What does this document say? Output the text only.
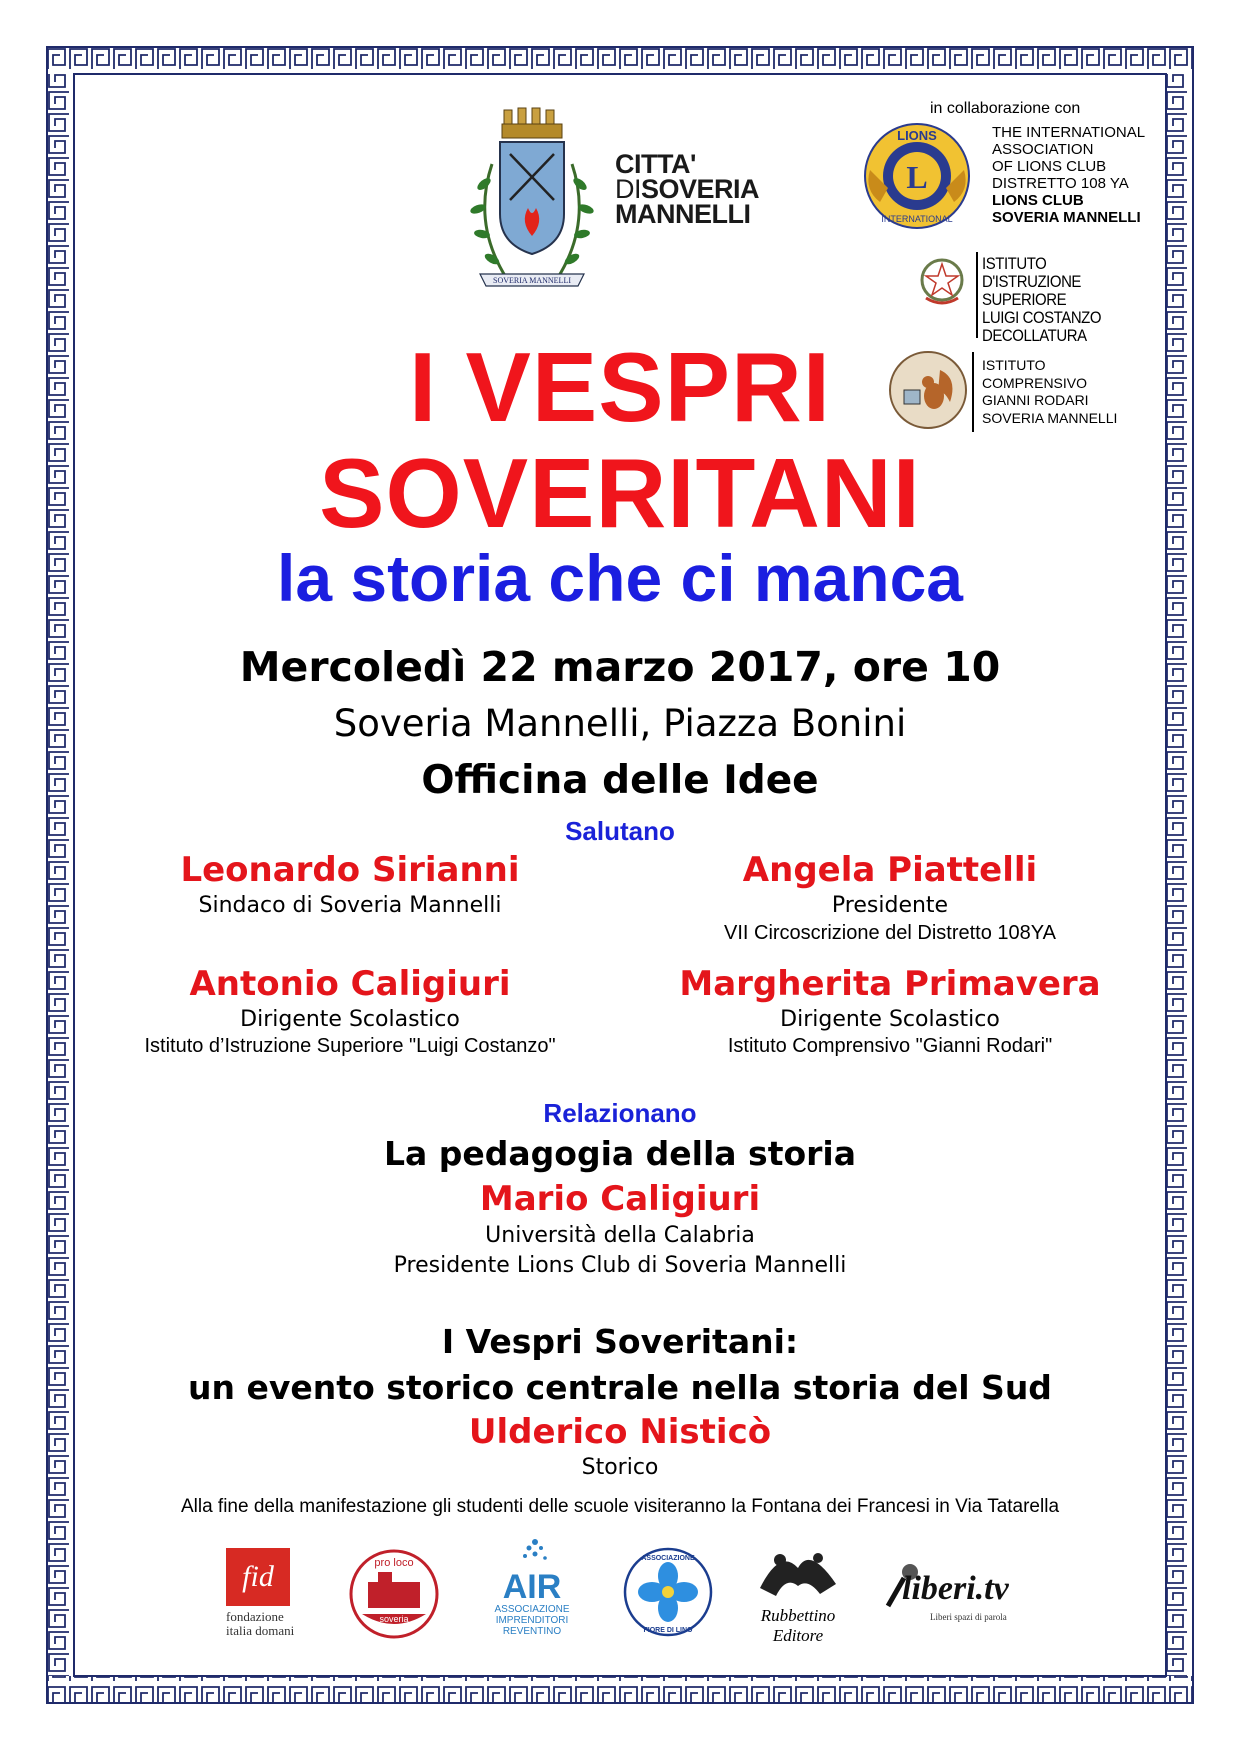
SOVERIA MANNELLI
CITTA'
DISOVERIA
MANNELLI
in collaborazione con
L
LIONS
INTERNATIONAL
THE INTERNATIONAL
ASSOCIATION
OF LIONS CLUB
DISTRETTO 108 YA
LIONS CLUB
SOVERIA MANNELLI
ISTITUTO
D'ISTRUZIONE
SUPERIORE
LUIGI COSTANZO
DECOLLATURA
ISTITUTO
COMPRENSIVO
GIANNI RODARI
SOVERIA MANNELLI
I VESPRI
SOVERITANI
la storia che ci manca
Mercoledì 22 marzo 2017, ore 10
Soveria Mannelli, Piazza Bonini
Officina delle Idee
Salutano
Leonardo Sirianni
Sindaco di Soveria Mannelli
Angela Piattelli
Presidente
VII Circoscrizione del Distretto 108YA
Antonio Caligiuri
Dirigente Scolastico
Istituto d’Istruzione Superiore "Luigi Costanzo"
Margherita Primavera
Dirigente Scolastico
Istituto Comprensivo "Gianni Rodari"
Relazionano
La pedagogia della storia
Mario Caligiuri
Università della Calabria
Presidente Lions Club di Soveria Mannelli
I Vespri Soveritani:
un evento storico centrale nella storia del Sud
Ulderico Nisticò
Storico
Alla fine della manifestazione gli studenti delle scuole visiteranno la Fontana dei Francesi in Via Tatarella
fid
fondazione
italia domani
pro loco
soveria
mannelli
AIR
ASSOCIAZIONE
IMPRENDITORI
REVENTINO
ASSOCIAZIONE
FIORE DI LINO
Rubbettino
Editore
liberi.tv
Liberi spazi di parola
